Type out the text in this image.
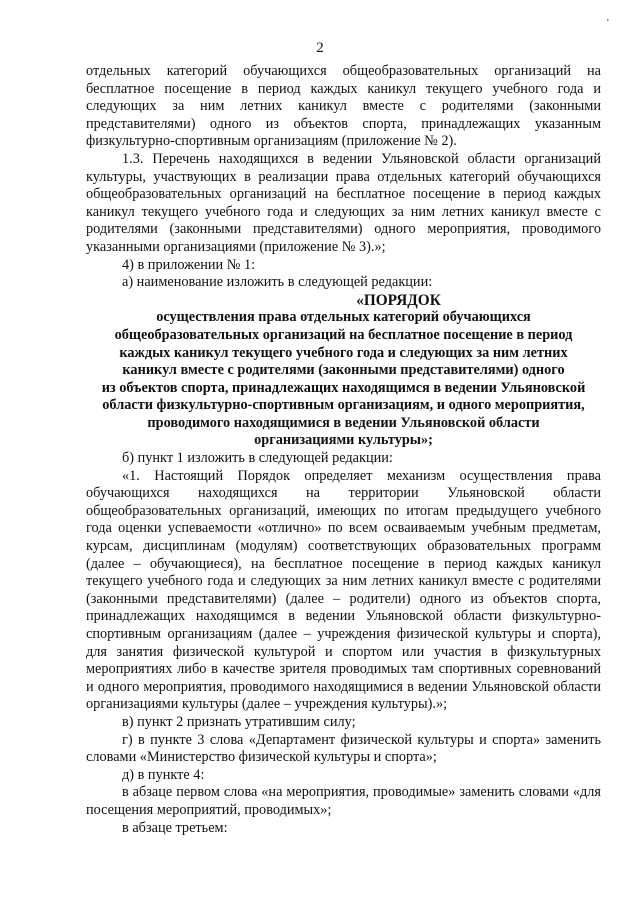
'
2

отдельных категорий обучающихся общеобразовательных организаций на бесплатное посещение в период каждых каникул текущего учебного года и следующих за ним летних каникул вместе с родителями (законными представителями) одного из объектов спорта, принадлежащих указанным физкультурно-спортивным организациям (приложение № 2).

1.3. Перечень находящихся в ведении Ульяновской области организаций культуры, участвующих в реализации права отдельных категорий обучающихся общеобразовательных организаций на бесплатное посещение в период каждых каникул текущего учебного года и следующих за ним летних каникул вместе с родителями (законными представителями) одного мероприятия, проводимого указанными организациями (приложение № 3).»;

4) в приложении № 1:

а) наименование изложить в следующей редакции:

«ПОРЯДОК
осуществления права отдельных категорий обучающихся
общеобразовательных организаций на бесплатное посещение в период
каждых каникул текущего учебного года и следующих за ним летних
каникул вместе с родителями (законными представителями) одного
из объектов спорта, принадлежащих находящимся в ведении Ульяновской
области физкультурно-спортивным организациям, и одного мероприятия,
проводимого находящимися в ведении Ульяновской области
организациями культуры»;

б) пункт 1 изложить в следующей редакции:

«1. Настоящий Порядок определяет механизм осуществления права обучающихся находящихся на территории Ульяновской области общеобразовательных организаций, имеющих по итогам предыдущего учебного года оценки успеваемости «отлично» по всем осваиваемым учебным предметам, курсам, дисциплинам (модулям) соответствующих образовательных программ (далее – обучающиеся), на бесплатное посещение в период каждых каникул текущего учебного года и следующих за ним летних каникул вместе с родителями (законными представителями) (далее – родители) одного из объектов спорта, принадлежащих находящимся в ведении Ульяновской области физкультурно-спортивным организациям (далее – учреждения физической культуры и спорта), для занятия физической культурой и спортом или участия в физкультурных мероприятиях либо в качестве зрителя проводимых там спортивных соревнований и одного мероприятия, проводимого находящимися в ведении Ульяновской области организациями культуры (далее – учреждения культуры).»;

в) пункт 2 признать утратившим силу;

г) в пункте 3 слова «Департамент физической культуры и спорта» заменить словами «Министерство физической культуры и спорта»;

д) в пункте 4:

в абзаце первом слова «на мероприятия, проводимые» заменить словами «для посещения мероприятий, проводимых»;

в абзаце третьем:
